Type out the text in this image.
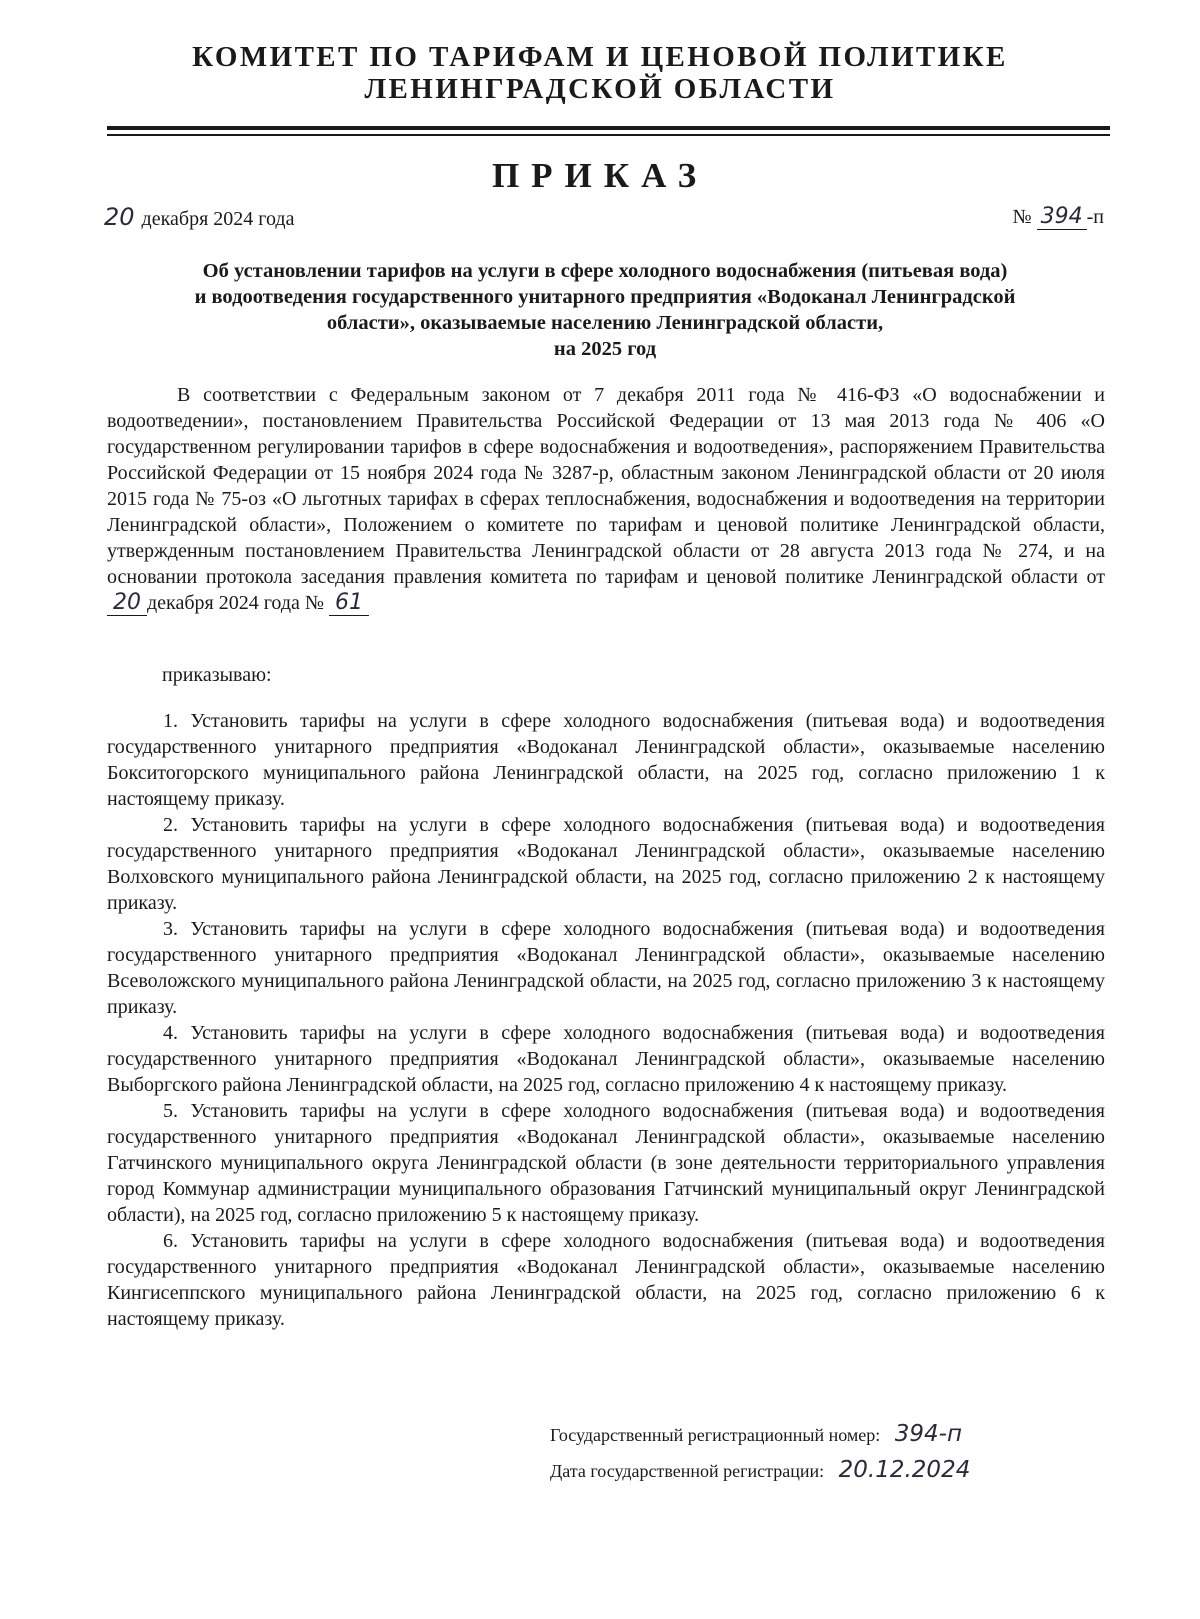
КОМИТЕТ ПО ТАРИФАМ И ЦЕНОВОЙ ПОЛИТИКЕ
ЛЕНИНГРАДСКОЙ ОБЛАСТИ
ПРИКАЗ
20 декабря 2024 года	№ 394 -п
Об установлении тарифов на услуги в сфере холодного водоснабжения (питьевая вода)
и водоотведения государственного унитарного предприятия «Водоканал Ленинградской
области», оказываемые населению Ленинградской области,
на 2025 год
В соответствии с Федеральным законом от 7 декабря 2011 года № 416-ФЗ «О водоснабжении и водоотведении», постановлением Правительства Российской Федерации от 13 мая 2013 года № 406 «О государственном регулировании тарифов в сфере водоснабжения и водоотведения», распоряжением Правительства Российской Федерации от 15 ноября 2024 года № 3287-р, областным законом Ленинградской области от 20 июля 2015 года № 75-оз «О льготных тарифах в сферах теплоснабжения, водоснабжения и водоотведения на территории Ленинградской области», Положением о комитете по тарифам и ценовой политике Ленинградской области, утвержденным постановлением Правительства Ленинградской области от 28 августа 2013 года № 274, и на основании протокола заседания правления комитета по тарифам и ценовой политике Ленинградской области от 20 декабря 2024 года № 61
приказываю:

1. Установить тарифы на услуги в сфере холодного водоснабжения (питьевая вода) и водоотведения государственного унитарного предприятия «Водоканал Ленинградской области», оказываемые населению Бокситогорского муниципального района Ленинградской области, на 2025 год, согласно приложению 1 к настоящему приказу.

2. Установить тарифы на услуги в сфере холодного водоснабжения (питьевая вода) и водоотведения государственного унитарного предприятия «Водоканал Ленинградской области», оказываемые населению Волховского муниципального района Ленинградской области, на 2025 год, согласно приложению 2 к настоящему приказу.

3. Установить тарифы на услуги в сфере холодного водоснабжения (питьевая вода) и водоотведения государственного унитарного предприятия «Водоканал Ленинградской области», оказываемые населению Всеволожского муниципального района Ленинградской области, на 2025 год, согласно приложению 3 к настоящему приказу.

4. Установить тарифы на услуги в сфере холодного водоснабжения (питьевая вода) и водоотведения государственного унитарного предприятия «Водоканал Ленинградской области», оказываемые населению Выборгского района Ленинградской области, на 2025 год, согласно приложению 4 к настоящему приказу.

5. Установить тарифы на услуги в сфере холодного водоснабжения (питьевая вода) и водоотведения государственного унитарного предприятия «Водоканал Ленинградской области», оказываемые населению Гатчинского муниципального округа Ленинградской области (в зоне деятельности территориального управления город Коммунар администрации муниципального образования Гатчинский муниципальный округ Ленинградской области), на 2025 год, согласно приложению 5 к настоящему приказу.

6. Установить тарифы на услуги в сфере холодного водоснабжения (питьевая вода) и водоотведения государственного унитарного предприятия «Водоканал Ленинградской области», оказываемые населению Кингисеппского муниципального района Ленинградской области, на 2025 год, согласно приложению 6 к настоящему приказу.

Государственный регистрационный номер: 394-п
Дата государственной регистрации: 20.12.2024
